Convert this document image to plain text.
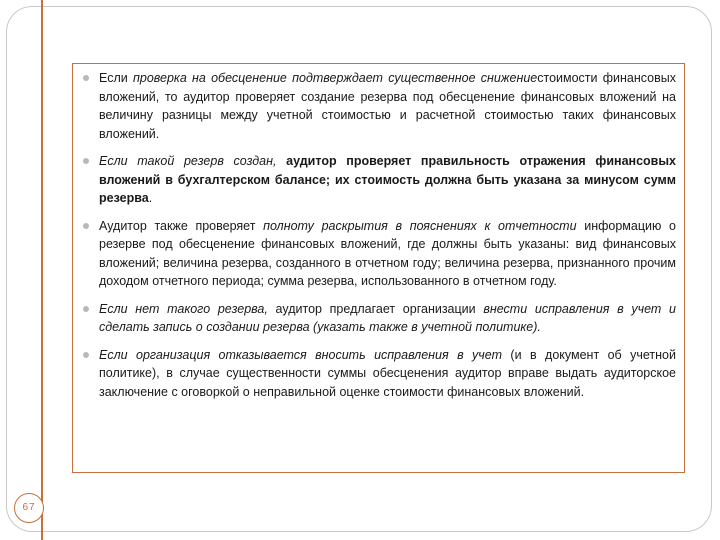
Если проверка на обесценение подтверждает существенное снижениестоимости финансовых вложений, то аудитор проверяет создание резерва под обесценение финансовых вложений на величину разницы между учетной стоимостью и расчетной стоимостью таких финансовых вложений.
Если такой резерв создан, аудитор проверяет правильность отражения финансовых вложений в бухгалтерском балансе; их стоимость должна быть указана за минусом сумм резерва.
Аудитор также проверяет полноту раскрытия в пояснениях к отчетности информацию о резерве под обесценение финансовых вложений, где должны быть указаны: вид финансовых вложений; величина резерва, созданного в отчетном году; величина резерва, признанного прочим доходом отчетного периода; сумма резерва, использованного в отчетном году.
Если нет такого резерва, аудитор предлагает организации внести исправления в учет и сделать запись о создании резерва (указать также в учетной политике).
Если организация отказывается вносить исправления в учет (и в документ об учетной политике), в случае существенности суммы обесценения аудитор вправе выдать аудиторское заключение с оговоркой о неправильной оценке стоимости финансовых вложений.
67
